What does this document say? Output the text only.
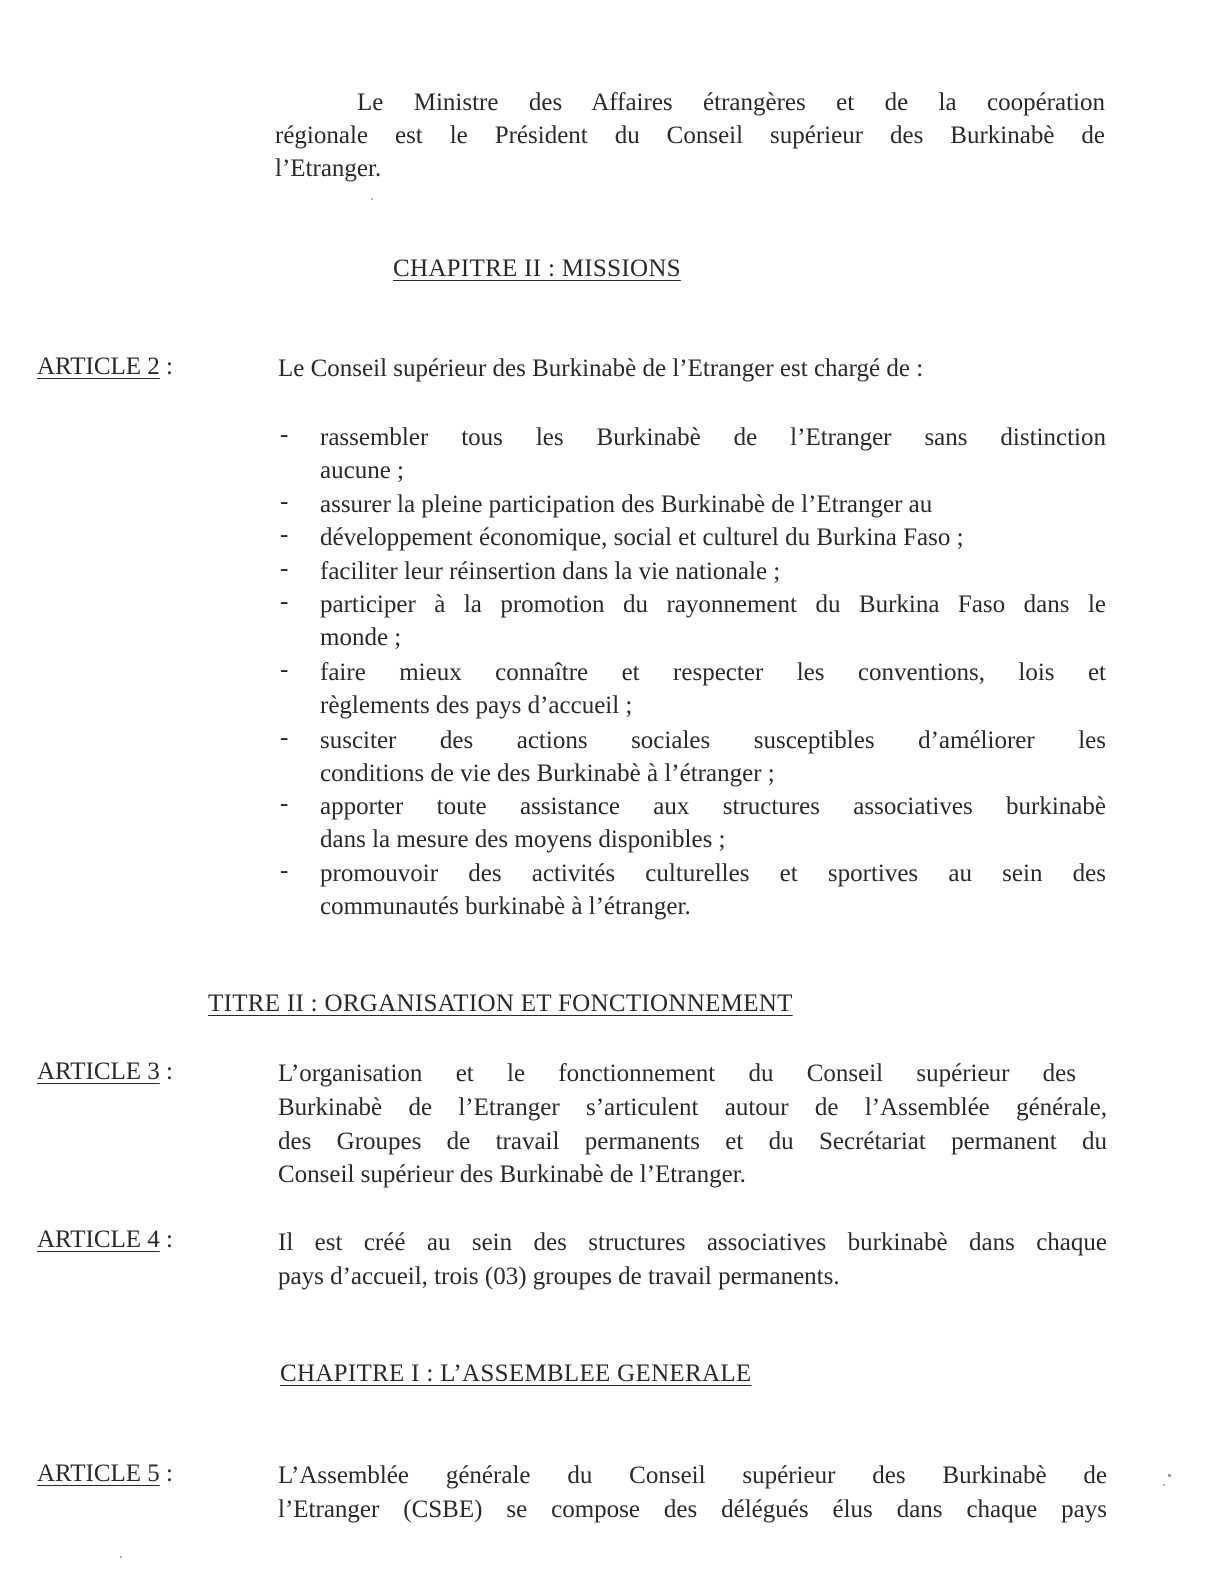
Le Ministre des Affaires étrangères et de la coopération
régionale est le Président du Conseil supérieur des Burkinabè de
l’Etranger.
CHAPITRE II : MISSIONS
ARTICLE 2 :	Le Conseil supérieur des Burkinabè de l’Etranger est chargé de :
- rassembler tous les Burkinabè de l’Etranger sans distinction
aucune ;
- assurer la pleine participation des Burkinabè de l’Etranger au
- développement économique, social et culturel du Burkina Faso ;
- faciliter leur réinsertion dans la vie nationale ;
- participer à la promotion du rayonnement du Burkina Faso dans le
monde ;
- faire mieux connaître et respecter les conventions, lois et
règlements des pays d’accueil ;
- susciter des actions sociales susceptibles d’améliorer les
conditions de vie des Burkinabè à l’étranger ;
- apporter toute assistance aux structures associatives burkinabè
dans la mesure des moyens disponibles ;
- promouvoir des activités culturelles et sportives au sein des
communautés burkinabè à l’étranger.
TITRE II : ORGANISATION ET FONCTIONNEMENT
ARTICLE 3 :	L’organisation et le fonctionnement du Conseil supérieur des
Burkinabè de l’Etranger s’articulent autour de l’Assemblée générale,
des Groupes de travail permanents et du Secrétariat permanent du
Conseil supérieur des Burkinabè de l’Etranger.
ARTICLE 4 :	Il est créé au sein des structures associatives burkinabè dans chaque
pays d’accueil, trois (03) groupes de travail permanents.
CHAPITRE I : L’ASSEMBLEE GENERALE
ARTICLE 5 :	L’Assemblée générale du Conseil supérieur des Burkinabè de
l’Etranger (CSBE) se compose des délégués élus dans chaque pays
